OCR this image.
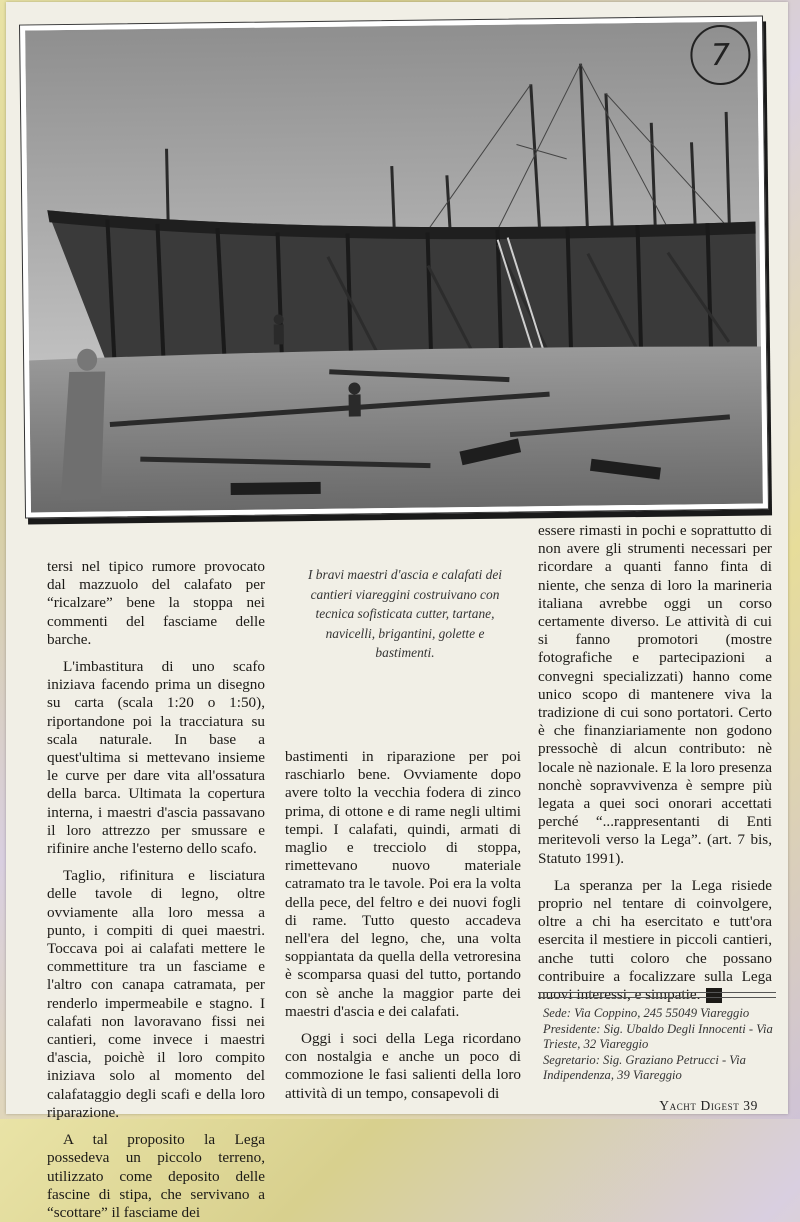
7

tersi nel tipico rumore provocato dal mazzuolo del calafato per “ricalzare” bene la stoppa nei commenti del fasciame delle barche.

L'imbastitura di uno scafo iniziava facendo prima un disegno su carta (scala 1:20 o 1:50), riportandone poi la tracciatura su scala naturale. In base a quest'ultima si mettevano insieme le curve per dare vita all'ossatura della barca. Ultimata la copertura interna, i maestri d'ascia passavano il loro attrezzo per smussare e rifinire anche l'esterno dello scafo.

Taglio, rifinitura e lisciatura delle tavole di legno, oltre ovviamente alla loro messa a punto, i compiti di quei maestri. Toccava poi ai calafati mettere le commettiture tra un fasciame e l'altro con canapa catramata, per renderlo impermeabile e stagno. I calafati non lavoravano fissi nei cantieri, come invece i maestri d'ascia, poichè il loro compito iniziava solo al momento del calafataggio degli scafi e della loro riparazione.

A tal proposito la Lega possedeva un piccolo terreno, utilizzato come deposito delle fascine di stipa, che servivano a “scottare” il fasciame dei

I bravi maestri d'ascia e calafati dei cantieri viareggini costruivano con tecnica sofisticata cutter, tartane, navicelli, brigantini, golette e bastimenti.

bastimenti in riparazione per poi raschiarlo bene. Ovviamente dopo avere tolto la vecchia fodera di zinco prima, di ottone e di rame negli ultimi tempi. I calafati, quindi, armati di maglio e trecciolo di stoppa, rimettevano nuovo materiale catramato tra le tavole. Poi era la volta della pece, del feltro e dei nuovi fogli di rame. Tutto questo accadeva nell'era del legno, che, una volta soppiantata da quella della vetroresina è scomparsa quasi del tutto, portando con sè anche la maggior parte dei maestri d'ascia e dei calafati.

Oggi i soci della Lega ricordano con nostalgia e anche un poco di commozione le fasi salienti della loro attività di un tempo, consapevoli di

essere rimasti in pochi e soprattutto di non avere gli strumenti necessari per ricordare a quanti fanno finta di niente, che senza di loro la marineria italiana avrebbe oggi un corso certamente diverso. Le attività di cui si fanno promotori (mostre fotografiche e partecipazioni a convegni specializzati) hanno come unico scopo di mantenere viva la tradizione di cui sono portatori. Certo è che finanziariamente non godono pressochè di alcun contributo: nè locale nè nazionale. E la loro presenza nonchè sopravvivenza è sempre più legata a quei soci onorari accettati perché “...rappresentanti di Enti meritevoli verso la Lega”. (art. 7 bis, Statuto 1991).

La speranza per la Lega risiede proprio nel tentare di coinvolgere, oltre a chi ha esercitato e tutt'ora esercita il mestiere in piccoli cantieri, anche tutti coloro che possano contribuire a focalizzare sulla Lega nuovi interessi, e simpatie. ⚓

Sede: Via Coppino, 245 55049 Viareggio
Presidente: Sig. Ubaldo Degli Innocenti - Via Trieste, 32 Viareggio
Segretario: Sig. Graziano Petrucci - Via Indipendenza, 39 Viareggio
Yacht Digest 39
